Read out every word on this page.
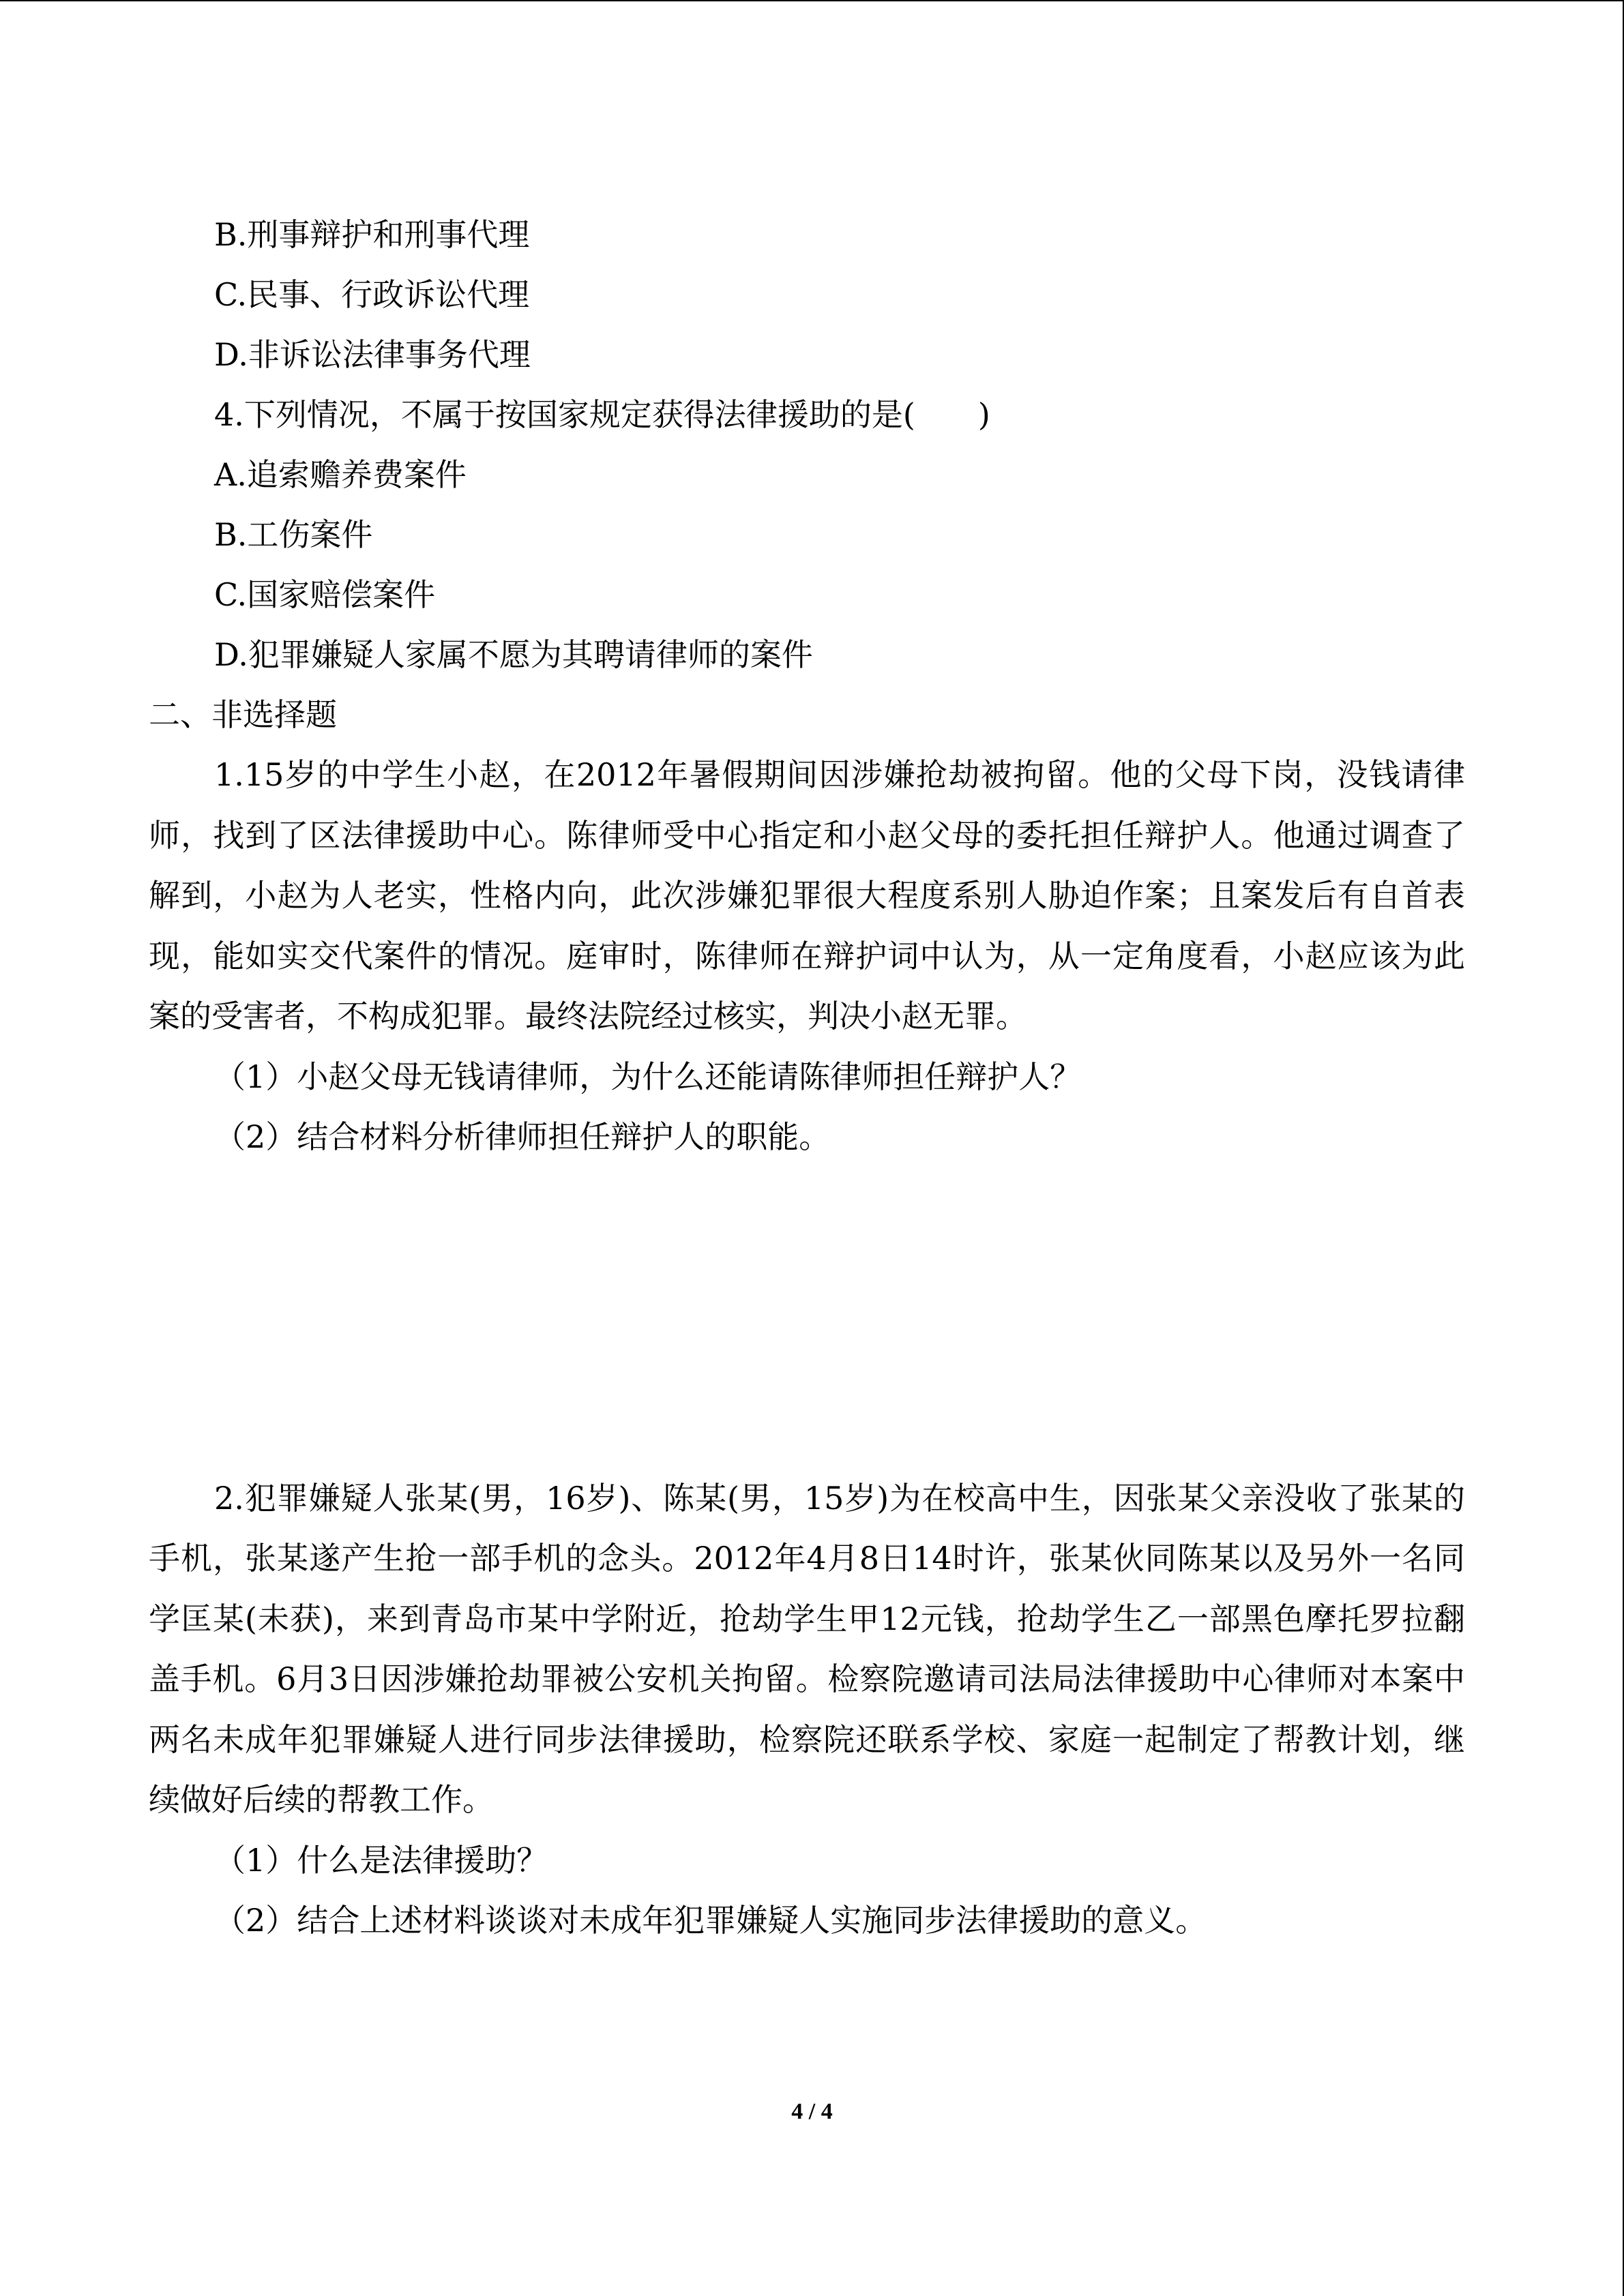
B.刑事辩护和刑事代理
C.民事、行政诉讼代理
D.非诉讼法律事务代理
4.下列情况，不属于按国家规定获得法律援助的是(　　)
A.追索赡养费案件
B.工伤案件
C.国家赔偿案件
D.犯罪嫌疑人家属不愿为其聘请律师的案件
二、非选择题
1.15岁的中学生小赵，在2012年暑假期间因涉嫌抢劫被拘留。他的父母下岗，没钱请律师，找到了区法律援助中心。陈律师受中心指定和小赵父母的委托担任辩护人。他通过调查了解到，小赵为人老实，性格内向，此次涉嫌犯罪很大程度系别人胁迫作案；且案发后有自首表现，能如实交代案件的情况。庭审时，陈律师在辩护词中认为，从一定角度看，小赵应该为此案的受害者，不构成犯罪。最终法院经过核实，判决小赵无罪。
（1）小赵父母无钱请律师，为什么还能请陈律师担任辩护人？
（2）结合材料分析律师担任辩护人的职能。
2.犯罪嫌疑人张某(男，16岁)、陈某(男，15岁)为在校高中生，因张某父亲没收了张某的手机，张某遂产生抢一部手机的念头。2012年4月8日14时许，张某伙同陈某以及另外一名同学匡某(未获)，来到青岛市某中学附近，抢劫学生甲12元钱，抢劫学生乙一部黑色摩托罗拉翻盖手机。6月3日因涉嫌抢劫罪被公安机关拘留。检察院邀请司法局法律援助中心律师对本案中两名未成年犯罪嫌疑人进行同步法律援助，检察院还联系学校、家庭一起制定了帮教计划，继续做好后续的帮教工作。
（1）什么是法律援助？
（2）结合上述材料谈谈对未成年犯罪嫌疑人实施同步法律援助的意义。
4 / 4
